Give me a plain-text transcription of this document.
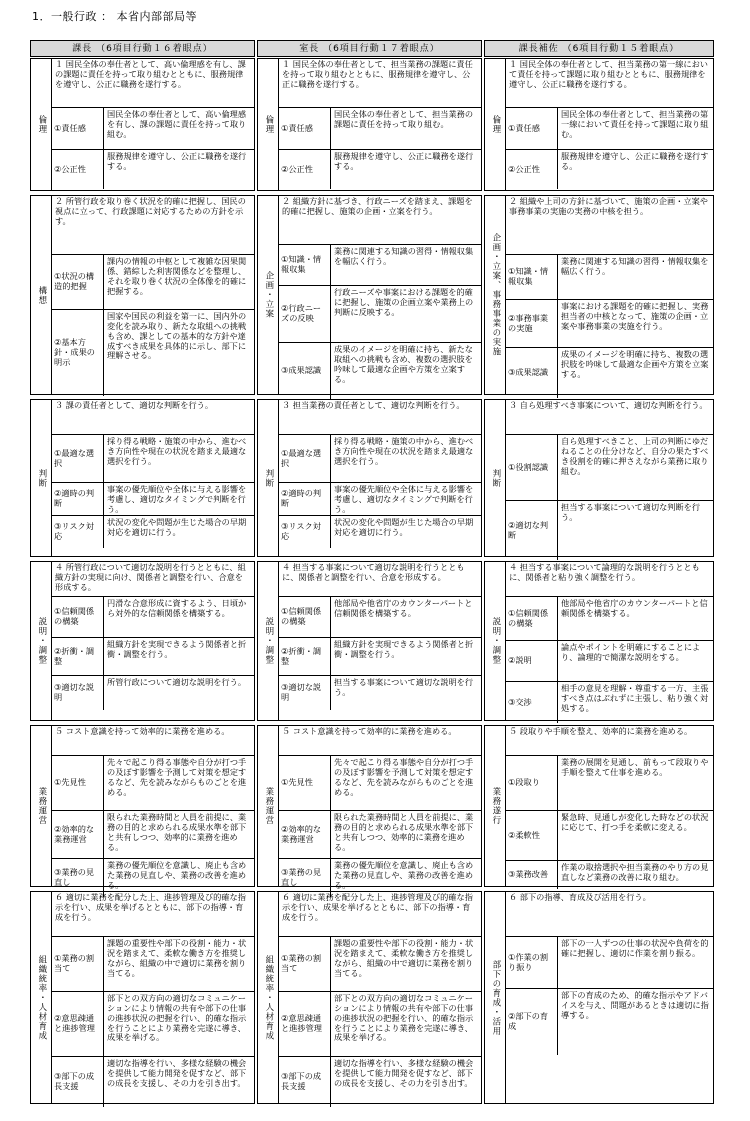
1．一般行政 ： 本省内部部局等
課長 （6項目行動１６着眼点）
倫理
１ 国民全体の奉仕者として、高い倫理感を有し、課の課題に責任を持って取り組むとともに、服務規律を遵守し、公正に職務を遂行する。
①責任感
国民全体の奉仕者として、高い倫理感を有し、課の課題に責任を持って取り組む。
②公正性
服務規律を遵守し、公正に職務を遂行する。
構想
２ 所管行政を取り巻く状況を的確に把握し、国民の視点に立って、行政課題に対応するための方針を示す。
①状況の構造的把握
課内の情報の中枢として複雑な因果関係、錯綜した利害関係などを整理し、それを取り巻く状況の全体像を的確に把握する。
②基本方針・成果の明示
国家や国民の利益を第一に、国内外の変化を読み取り、新たな取組への挑戦も含め、課としての基本的な方針や達成すべき成果を具体的に示し、部下に理解させる。
判断
３ 課の責任者として、適切な判断を行う。
①最適な選択
採り得る戦略・施策の中から、進むべき方向性や現在の状況を踏まえ最適な選択を行う。
②適時の判断
事案の優先順位や全体に与える影響を考慮し、適切なタイミングで判断を行う。
③リスク対応
状況の変化や問題が生じた場合の早期対応を適切に行う。
説明・調整
４ 所管行政について適切な説明を行うとともに、組織方針の実現に向け、関係者と調整を行い、合意を形成する。
①信頼関係の構築
円滑な合意形成に資するよう、日頃から対外的な信頼関係を構築する。
②折衝・調整
組織方針を実現できるよう関係者と折衝・調整を行う。
③適切な説明
所管行政について適切な説明を行う。
業務運営
５ コスト意識を持って効率的に業務を進める。
①先見性
先々で起こり得る事態や自分が打つ手の及ぼす影響を予測して対策を想定するなど、先を読みながらものごとを進める。
②効率的な業務運営
限られた業務時間と人員を前提に、業務の目的と求められる成果水準を部下と共有しつつ、効率的に業務を進める。
③業務の見直し
業務の優先順位を意識し、廃止も含めた業務の見直しや、業務の改善を進める。
組織統率・人材育成
６ 適切に業務を配分した上、進捗管理及び的確な指示を行い、成果を挙げるとともに、部下の指導・育成を行う。
①業務の割当て
課題の重要性や部下の役割・能力・状況を踏まえて、柔軟な働き方を推奨しながら、組織の中で適切に業務を割り当てる。
②意思疎通と進捗管理
部下との双方向の適切なコミュニケーションにより情報の共有や部下の仕事の進捗状況の把握を行い、的確な指示を行うことにより業務を完遂に導き、成果を挙げる。
③部下の成長支援
適切な指導を行い、多様な経験の機会を提供して能力開発を促すなど、部下の成長を支援し、その力を引き出す。
室長 （6項目行動１７着眼点）
倫理
１ 国民全体の奉仕者として、担当業務の課題に責任を持って取り組むとともに、服務規律を遵守し、公正に職務を遂行する。
①責任感
国民全体の奉仕者として、担当業務の課題に責任を持って取り組む。
②公正性
服務規律を遵守し、公正に職務を遂行する。
企画・立案
２ 組織方針に基づき、行政ニーズを踏まえ、課題を的確に把握し、施策の企画・立案を行う。
①知識・情報収集
業務に関連する知識の習得・情報収集を幅広く行う。
②行政ニーズの反映
行政ニーズや事案における課題を的確に把握し、施策の企画立案や業務上の判断に反映する。
③成果認識
成果のイメージを明確に持ち、新たな取組への挑戦も含め、複数の選択肢を吟味して最適な企画や方策を立案する。
判断
３ 担当業務の責任者として、適切な判断を行う。
①最適な選択
採り得る戦略・施策の中から、進むべき方向性や現在の状況を踏まえ最適な選択を行う。
②適時の判断
事案の優先順位や全体に与える影響を考慮し、適切なタイミングで判断を行う。
③リスク対応
状況の変化や問題が生じた場合の早期対応を適切に行う。
説明・調整
４ 担当する事案について適切な説明を行うとともに、関係者と調整を行い、合意を形成する。
①信頼関係の構築
他部局や他省庁のカウンターパートと信頼関係を構築する。
②折衝・調整
組織方針を実現できるよう関係者と折衝・調整を行う。
③適切な説明
担当する事案について適切な説明を行う。
業務運営
５ コスト意識を持って効率的に業務を進める。
①先見性
先々で起こり得る事態や自分が打つ手の及ぼす影響を予測して対策を想定するなど、先を読みながらものごとを進める。
②効率的な業務運営
限られた業務時間と人員を前提に、業務の目的と求められる成果水準を部下と共有しつつ、効率的に業務を進める。
③業務の見直し
業務の優先順位を意識し、廃止も含めた業務の見直しや、業務の改善を進める。
組織統率・人材育成
６ 適切に業務を配分した上、進捗管理及び的確な指示を行い、成果を挙げるとともに、部下の指導・育成を行う。
①業務の割当て
課題の重要性や部下の役割・能力・状況を踏まえて、柔軟な働き方を推奨しながら、組織の中で適切に業務を割り当てる。
②意思疎通と進捗管理
部下との双方向の適切なコミュニケーションにより情報の共有や部下の仕事の進捗状況の把握を行い、的確な指示を行うことにより業務を完遂に導き、成果を挙げる。
③部下の成長支援
適切な指導を行い、多様な経験の機会を提供して能力開発を促すなど、部下の成長を支援し、その力を引き出す。
課長補佐 （6項目行動１５着眼点）
倫理
１ 国民全体の奉仕者として、担当業務の第一線において責任を持って課題に取り組むとともに、服務規律を遵守し、公正に職務を遂行する。
①責任感
国民全体の奉仕者として、担当業務の第一線において責任を持って課題に取り組む。
②公正性
服務規律を遵守し、公正に職務を遂行する。
企画・立案、事務事業の実施
２ 組織や上司の方針に基づいて、施策の企画・立案や事務事業の実施の実務の中核を担う。
①知識・情報収集
業務に関連する知識の習得・情報収集を幅広く行う。
②事務事業の実施
事案における課題を的確に把握し、実務担当者の中核となって、施策の企画・立案や事務事業の実施を行う。
③成果認識
成果のイメージを明確に持ち、複数の選択肢を吟味して最適な企画や方策を立案する。
判断
３ 自ら処理すべき事案について、適切な判断を行う。
①役割認識
自ら処理すべきこと、上司の判断にゆだねることの仕分けなど、自分の果たすべき役割を的確に押さえながら業務に取り組む。
②適切な判断
担当する事案について適切な判断を行う。
説明・調整
４ 担当する事案について論理的な説明を行うとともに、関係者と粘り強く調整を行う。
①信頼関係の構築
他部局や他省庁のカウンターパートと信頼関係を構築する。
②説明
論点やポイントを明確にすることにより、論理的で簡潔な説明をする。
③交渉
相手の意見を理解・尊重する一方、主張すべき点はぶれずに主張し、粘り強く対処する。
業務遂行
５ 段取りや手順を整え、効率的に業務を進める。
①段取り
業務の展開を見通し、前もって段取りや手順を整えて仕事を進める。
②柔軟性
緊急時、見通しが変化した時などの状況に応じて、打つ手を柔軟に変える。
③業務改善
作業の取捨選択や担当業務のやり方の見直しなど業務の改善に取り組む。
部下の育成・活用
６ 部下の指導、育成及び活用を行う。
①作業の割り振り
部下の一人ずつの仕事の状況や負荷を的確に把握し、適切に作業を割り振る。
②部下の育成
部下の育成のため、的確な指示やアドバイスを与え、問題があるときは適切に指導する。
